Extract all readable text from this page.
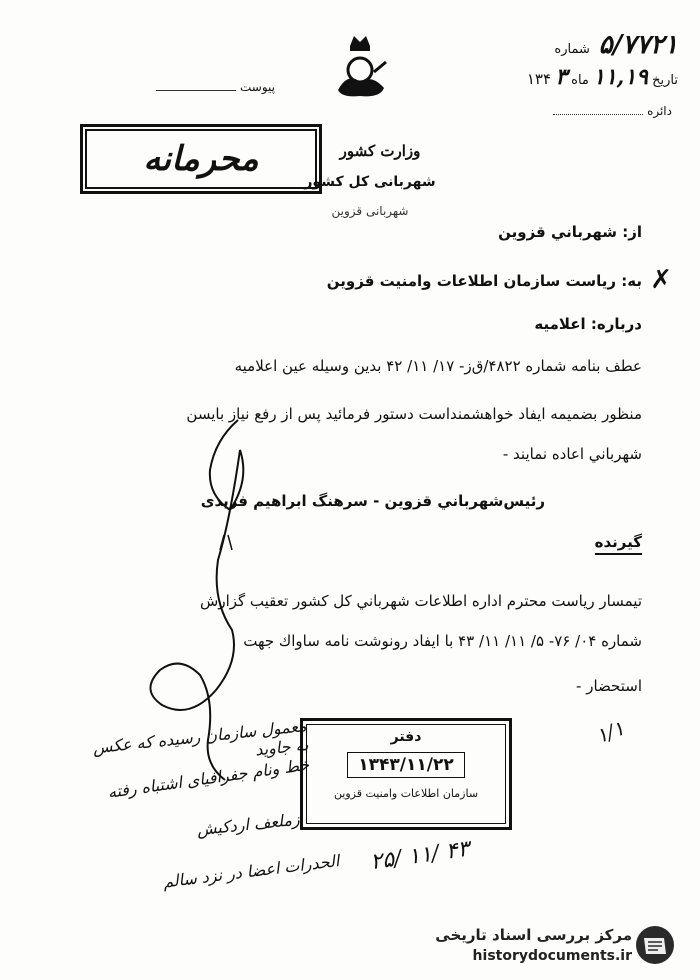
۵/۷۷۲۱ شماره
تاریخ ۱۱,۱۹ ماه ۳ ۱۳۴
دائره
پیوست
وزارت کشور
شهربانی کل کشور
شهربانی قزوین
محرمانه
از: شهرباني قزوين
به: رياست سازمان اطلاعات وامنيت قزوين ✗
درباره: اعلاميه
عطف بنامه شماره ۴۸۲۲/ق‌ز- ۱۷/ ۱۱/ ۴۲ بدين وسيله عين اعلاميه
منظور بضميمه ايفاد خواهشمنداست دستور فرمائيد پس از رفع نياز بايسن
شهرباني اعاده نمايند -
رئيس‌شهرباني قزوين - سرهنگ ابراهيم فريدی
گيرنده
تيمسار رياست محترم اداره اطلاعات شهرباني كل كشور تعقيب گزارش
شماره ۰۴/ ۷۶- ۵/ ۱۱/ ۱۱/ ۴۳ با ايفاد رونوشت نامه ساواك جهت
استحضار -
دفتر
۱۳۴۳/۱۱/۲۲
سازمان اطلاعات وامنیت قزوین
معمول سازمان رسیده که عکس به جاوید
خط ونام جفرافیای اشتباه رفته
زملعف اردکیش
الحدرات اعضا در نزد سالم ۲۵/ ۱۱/ ۴۳
۱/۱
مرکز بررسی اسناد تاریخی
historydocuments.ir
